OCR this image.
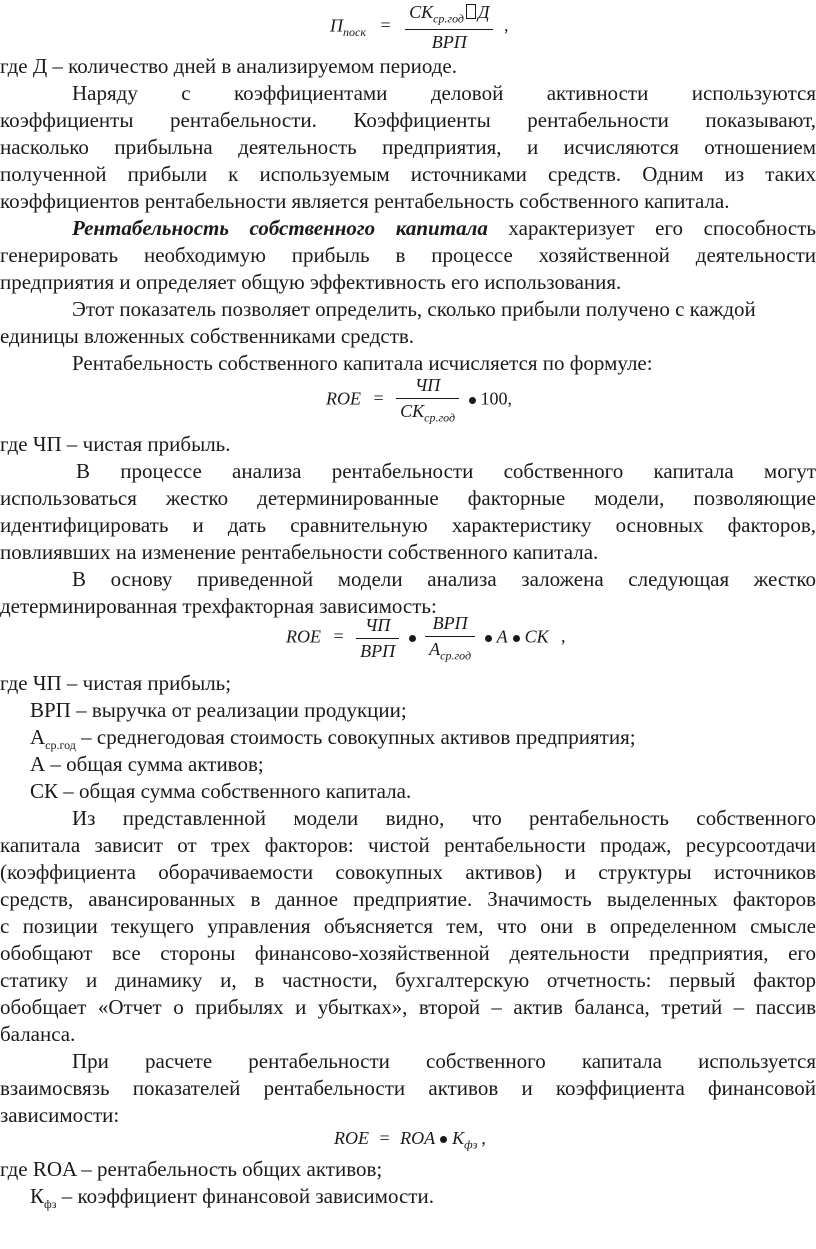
$П_{поск} = \frac{СК_{ср.год} Д}{\text{ВРП}}$ ,
где Д – количество дней в анализируемом периоде.
Наряду с коэффициентами деловой активности используются
коэффициенты рентабельности. Коэффициенты рентабельности показывают,
насколько прибыльна деятельность предприятия, и исчисляются отношением
полученной прибыли к используемым источниками средств. Одним из таких
коэффициентов рентабельности является рентабельность собственного капитала.
Рентабельность собственного капитала характеризует его способность
генерировать необходимую прибыль в процессе хозяйственной деятельности
предприятия и определяет общую эффективность его использования.
Этот показатель позволяет определить, сколько прибыли получено с каждой
единицы вложенных собственниками средств.
Рентабельность собственного капитала исчисляется по формуле:
ROE = $\frac{ЧП}{СК_{ср.год}} 100$,
где ЧП – чистая прибыль.
В процессе анализа рентабельности собственного капитала могут
использоваться жестко детерминированные факторные модели, позволяющие
идентифицировать и дать сравнительную характеристику основных факторов,
повлиявших на изменение рентабельности собственного капитала.
В основу приведенной модели анализа заложена следующая жестко
детерминированная трехфакторная зависимость:
ROE = $\frac{ЧП}{\text{ВРП}}$
$\frac{\text{ВРП}}{А_{ср.год}}$ А СК ,
где ЧП – чистая прибыль;
ВРП – выручка от реализации продукции;
$А_{ср.год}$ – среднегодовая стоимость совокупных активов предприятия;
А – общая сумма активов;
СК – общая сумма собственного капитала.
Из представленной модели видно, что рентабельность собственного
капитала зависит от трех факторов: чистой рентабельности продаж, ресурсоотдачи
(коэффициента оборачиваемости совокупных активов) и структуры источников
средств, авансированных в данное предприятие. Значимость выделенных факторов
с позиции текущего управления объясняется тем, что они в определенном смысле
обобщают все стороны финансово-хозяйственной деятельности предприятия, его
статику и динамику и, в частности, бухгалтерскую отчетность: первый фактор
обобщает «Отчет о прибылях и убытках», второй – актив баланса, третий – пассив
баланса.
При расчете рентабельности собственного капитала используется
взаимосвязь показателей рентабельности активов и коэффициента финансовой
зависимости:
ROE = ROA $K_{фз}$ ,
где ROA – рентабельность общих активов;
$К_{фз}$ – коэффициент финансовой зависимости.
